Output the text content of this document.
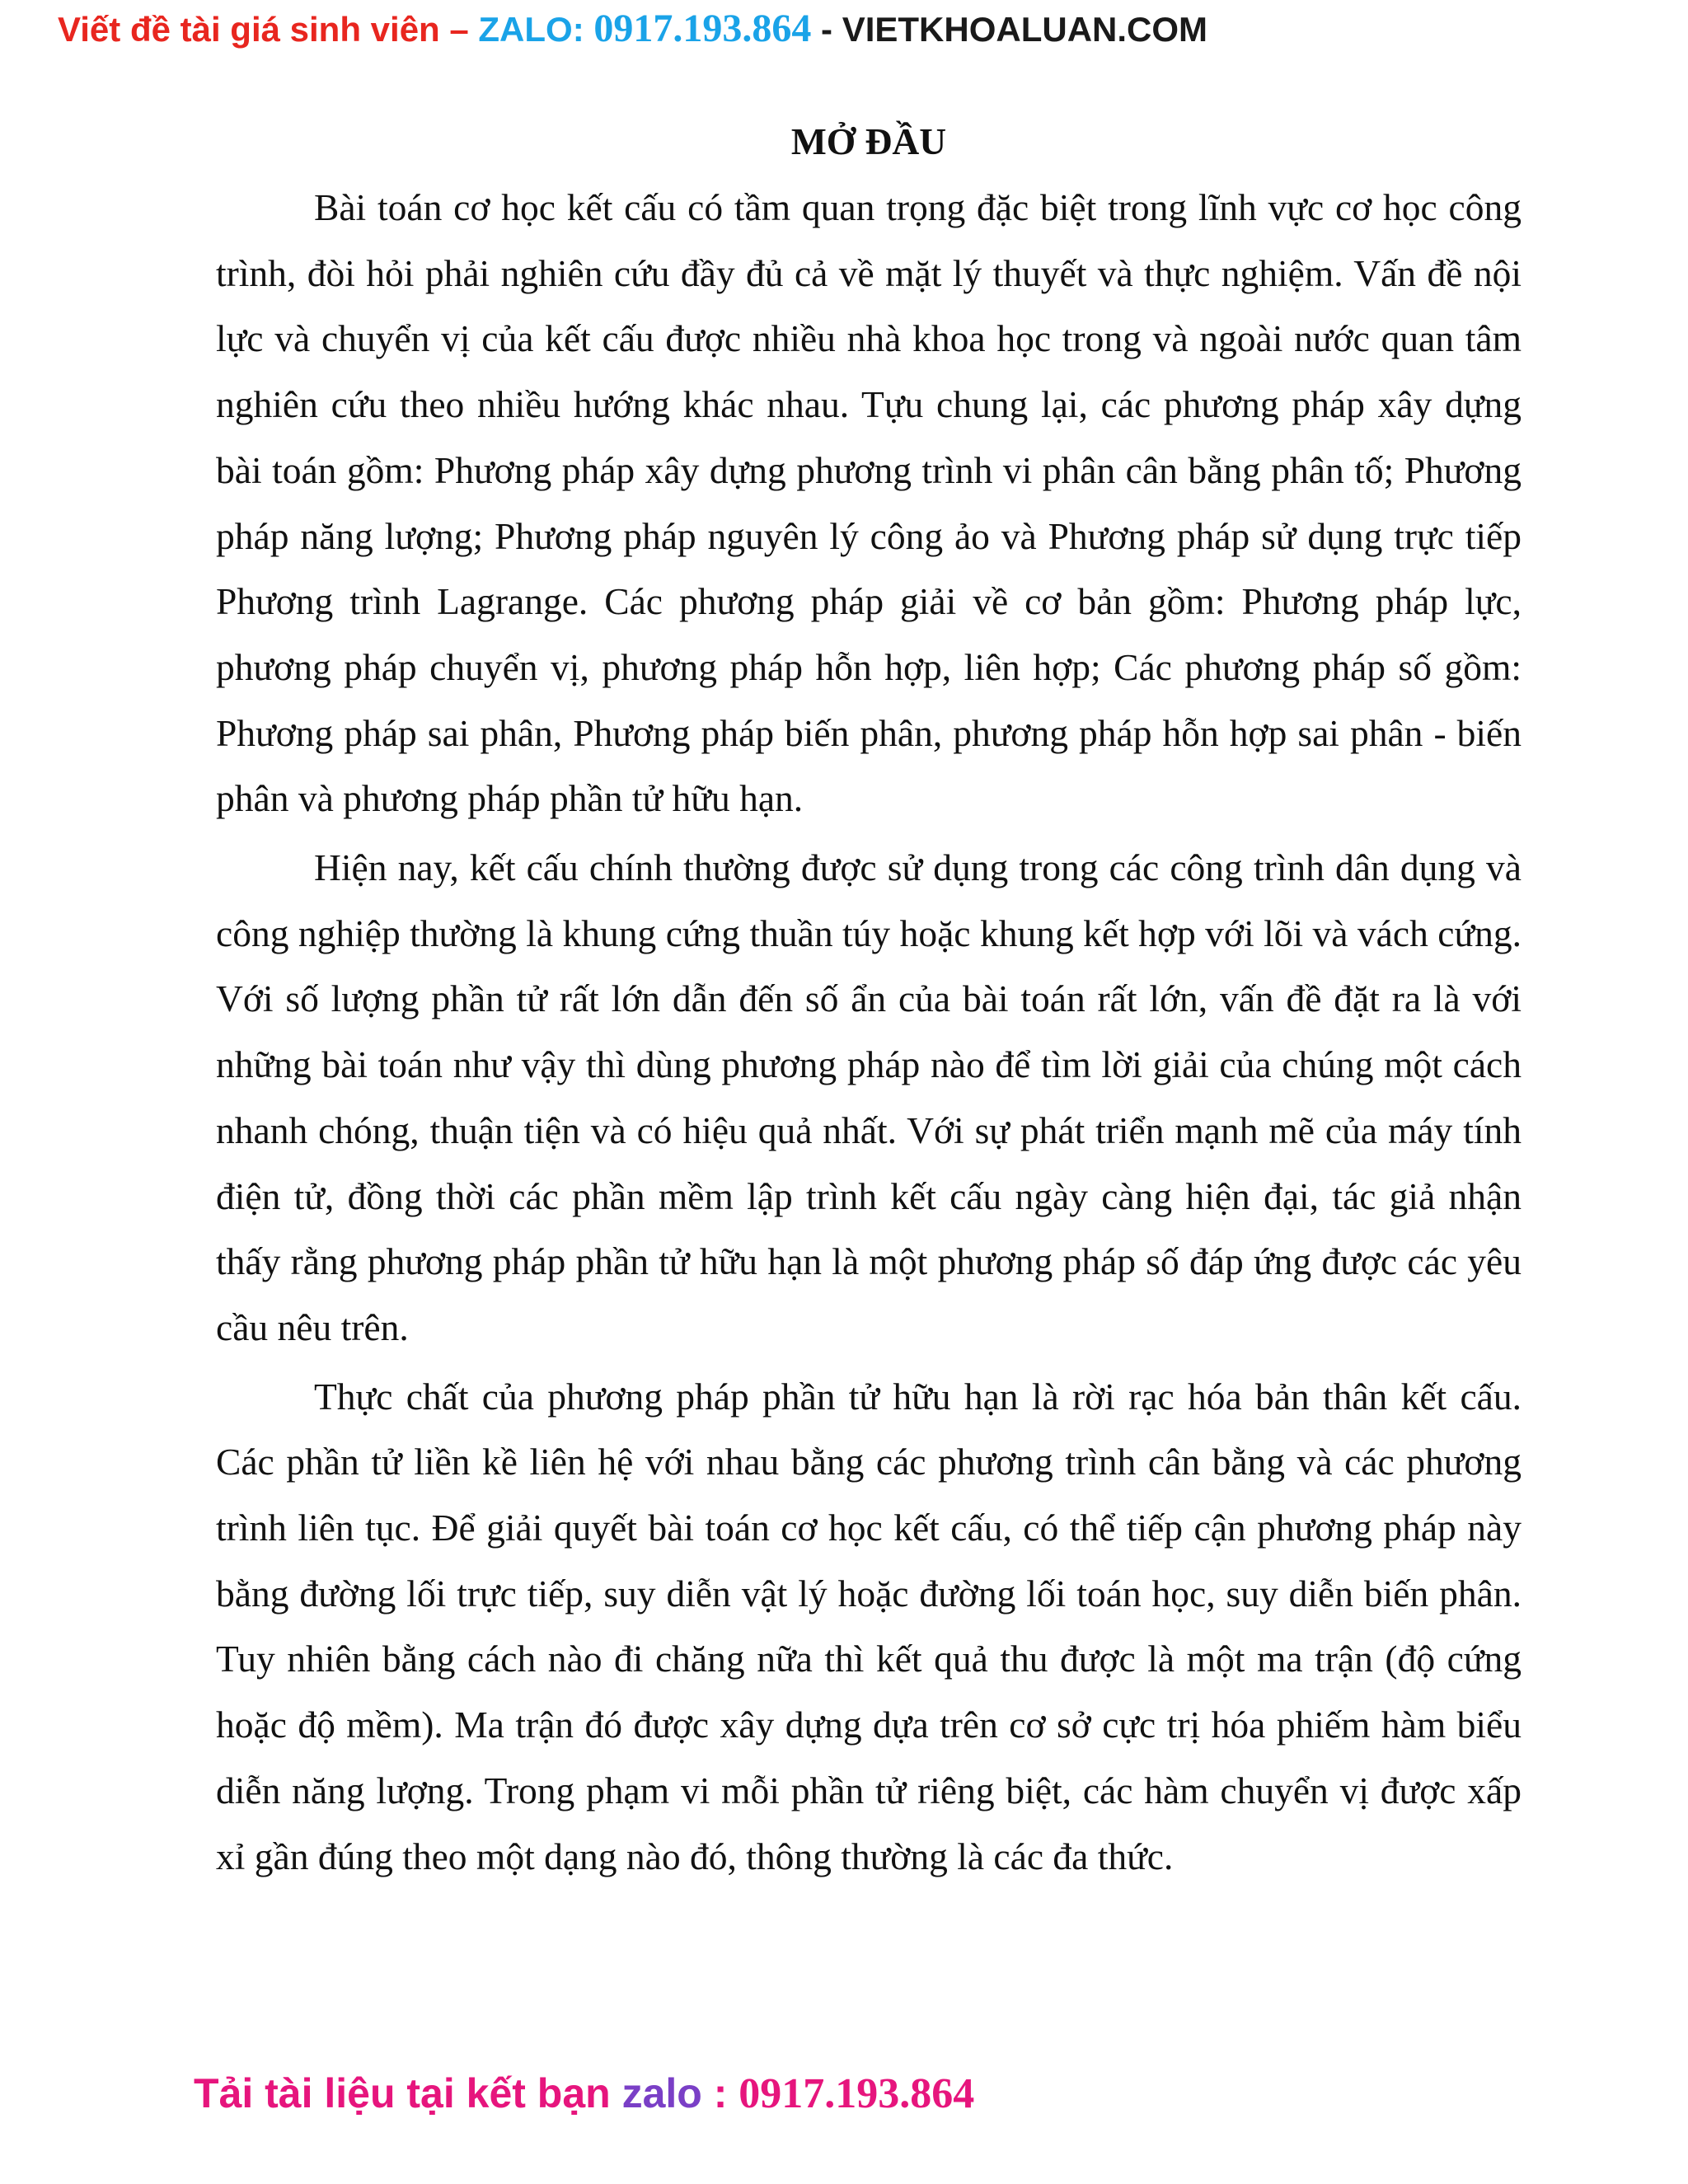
Viết đề tài giá sinh viên – ZALO: 0917.193.864 - VIETKHOALUAN.COM

MỞ ĐẦU

Bài toán cơ học kết cấu có tầm quan trọng đặc biệt trong lĩnh vực cơ học công trình, đòi hỏi phải nghiên cứu đầy đủ cả về mặt lý thuyết và thực nghiệm. Vấn đề nội lực và chuyển vị của kết cấu được nhiều nhà khoa học trong và ngoài nước quan tâm nghiên cứu theo nhiều hướng khác nhau. Tựu chung lại, các phương pháp xây dựng bài toán gồm: Phương pháp xây dựng phương trình vi phân cân bằng phân tố; Phương pháp năng lượng; Phương pháp nguyên lý công ảo và Phương pháp sử dụng trực tiếp Phương trình Lagrange. Các phương pháp giải về cơ bản gồm: Phương pháp lực, phương pháp chuyển vị, phương pháp hỗn hợp, liên hợp; Các phương pháp số gồm: Phương pháp sai phân, Phương pháp biến phân, phương pháp hỗn hợp sai phân - biến phân và phương pháp phần tử hữu hạn.

Hiện nay, kết cấu chính thường được sử dụng trong các công trình dân dụng và công nghiệp thường là khung cứng thuần túy hoặc khung kết hợp với lõi và vách cứng. Với số lượng phần tử rất lớn dẫn đến số ẩn của bài toán rất lớn, vấn đề đặt ra là với những bài toán như vậy thì dùng phương pháp nào để tìm lời giải của chúng một cách nhanh chóng, thuận tiện và có hiệu quả nhất. Với sự phát triển mạnh mẽ của máy tính điện tử, đồng thời các phần mềm lập trình kết cấu ngày càng hiện đại, tác giả nhận thấy rằng phương pháp phần tử hữu hạn là một phương pháp số đáp ứng được các yêu cầu nêu trên.

Thực chất của phương pháp phần tử hữu hạn là rời rạc hóa bản thân kết cấu. Các phần tử liền kề liên hệ với nhau bằng các phương trình cân bằng và các phương trình liên tục. Để giải quyết bài toán cơ học kết cấu, có thể tiếp cận phương pháp này bằng đường lối trực tiếp, suy diễn vật lý hoặc đường lối toán học, suy diễn biến phân. Tuy nhiên bằng cách nào đi chăng nữa thì kết quả thu được là một ma trận (độ cứng hoặc độ mềm). Ma trận đó được xây dựng dựa trên cơ sở cực trị hóa phiếm hàm biểu diễn năng lượng. Trong phạm vi mỗi phần tử riêng biệt, các hàm chuyển vị được xấp xỉ gần đúng theo một dạng nào đó, thông thường là các đa thức.

Tải tài liệu tại kết bạn zalo : 0917.193.864
